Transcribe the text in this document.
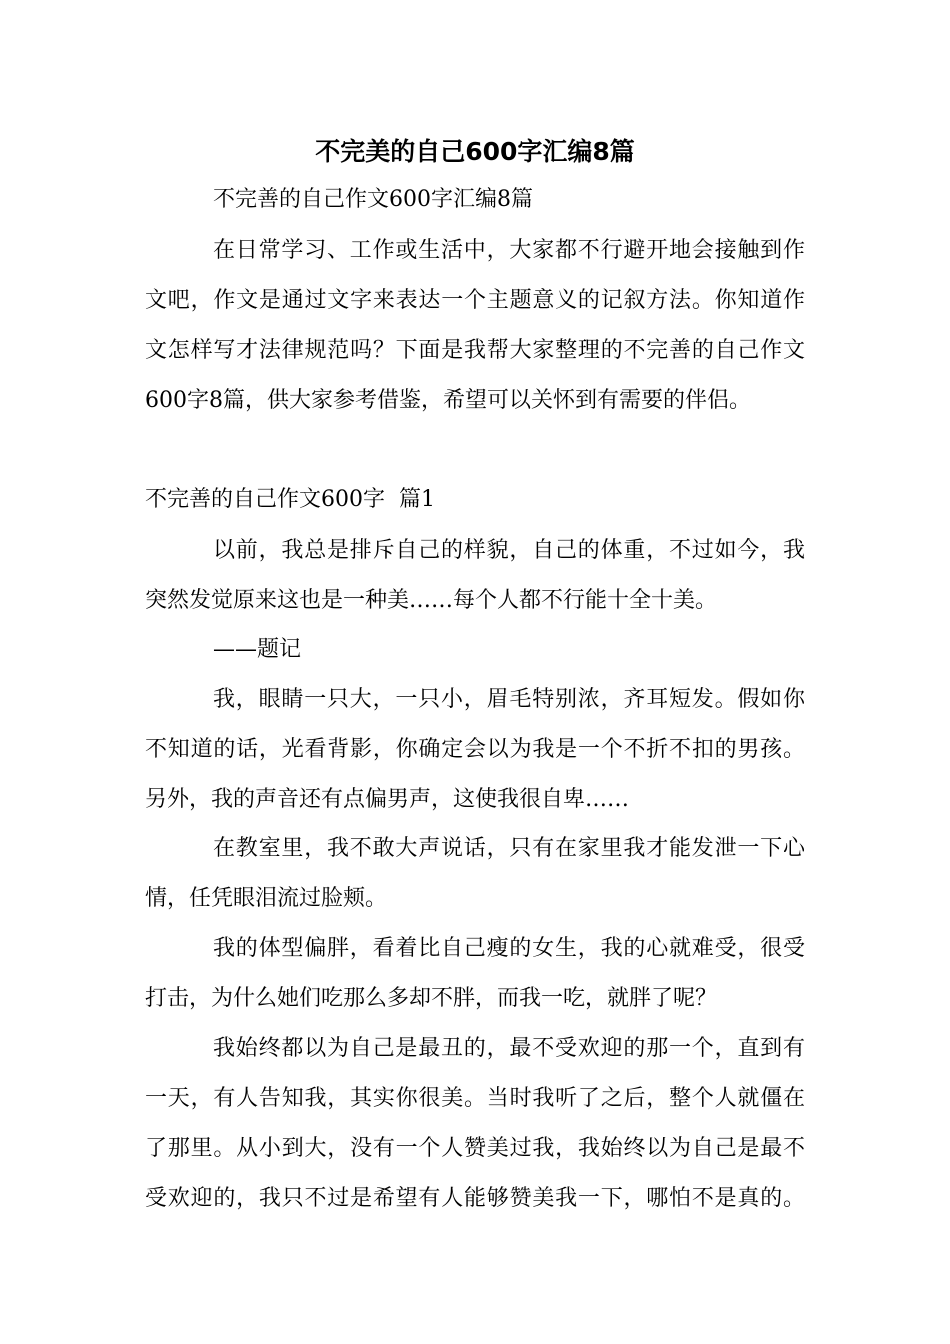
不完美的自己600字汇编8篇
不完善的自己作文600字汇编8篇
在日常学习、工作或生活中，大家都不行避开地会接触到作
文吧，作文是通过文字来表达一个主题意义的记叙方法。你知道作
文怎样写才法律规范吗？下面是我帮大家整理的不完善的自己作文
600字8篇，供大家参考借鉴，希望可以关怀到有需要的伴侣。
不完善的自己作文600字  篇1
以前，我总是排斥自己的样貌，自己的体重，不过如今，我
突然发觉原来这也是一种美……每个人都不行能十全十美。
——题记
我，眼睛一只大，一只小，眉毛特别浓，齐耳短发。假如你
不知道的话，光看背影，你确定会以为我是一个不折不扣的男孩。
另外，我的声音还有点偏男声，这使我很自卑……
在教室里，我不敢大声说话，只有在家里我才能发泄一下心
情，任凭眼泪流过脸颊。
我的体型偏胖，看着比自己瘦的女生，我的心就难受，很受
打击，为什么她们吃那么多却不胖，而我一吃，就胖了呢？
我始终都以为自己是最丑的，最不受欢迎的那一个，直到有
一天，有人告知我，其实你很美。当时我听了之后，整个人就僵在
了那里。从小到大，没有一个人赞美过我，我始终以为自己是最不
受欢迎的，我只不过是希望有人能够赞美我一下，哪怕不是真的。
